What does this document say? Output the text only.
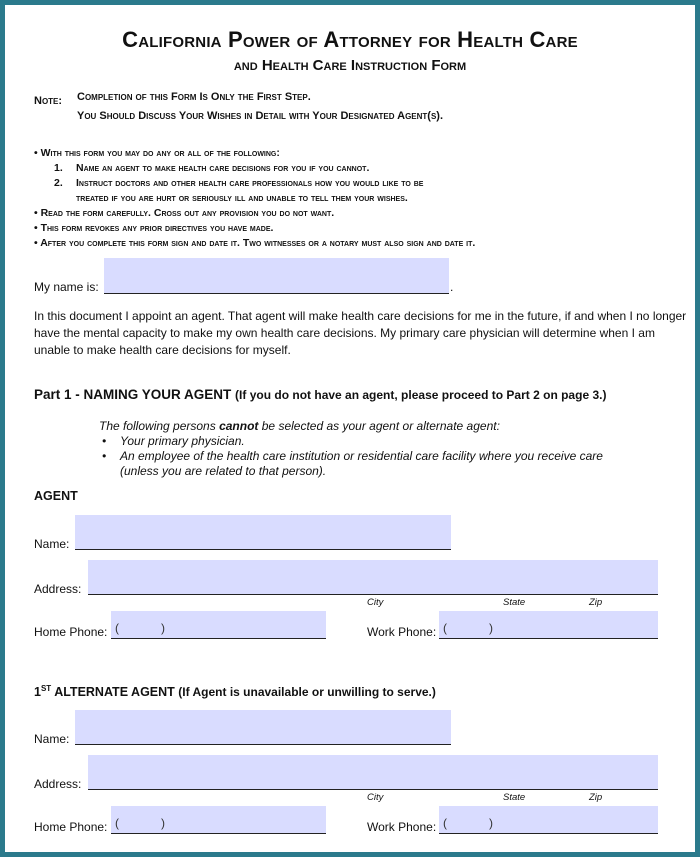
California Power of Attorney for Health Care
and Health Care Instruction Form
Note: Completion of this Form Is Only the First Step.
You Should Discuss Your Wishes in Detail with Your Designated Agent(s).
• With this form you may do any or all of the following:
1. Name an agent to make health care decisions for you if you cannot.
2. Instruct doctors and other health care professionals how you would like to be
treated if you are hurt or seriously ill and unable to tell them your wishes.
• Read the form carefully. Cross out any provision you do not want.
• This form revokes any prior directives you have made.
• After you complete this form sign and date it. Two witnesses or a notary must also sign and date it.
My name is:	.
In this document I appoint an agent. That agent will make health care decisions for me in the future, if and when I no longer
have the mental capacity to make my own health care decisions. My primary care physician will determine when I am
unable to make health care decisions for myself.
Part 1 - NAMING YOUR AGENT (If you do not have an agent, please proceed to Part 2 on page 3.)
The following persons cannot be selected as your agent or alternate agent:
• Your primary physician.
• An employee of the health care institution or residential care facility where you receive care
(unless you are related to that person).
AGENT
Name:
Address:
City	State	Zip
Home Phone: (	)	Work Phone: (	)
1ST ALTERNATE AGENT (If Agent is unavailable or unwilling to serve.)
Name:
Address:
City	State	Zip
Home Phone: (	)	Work Phone: (	)
